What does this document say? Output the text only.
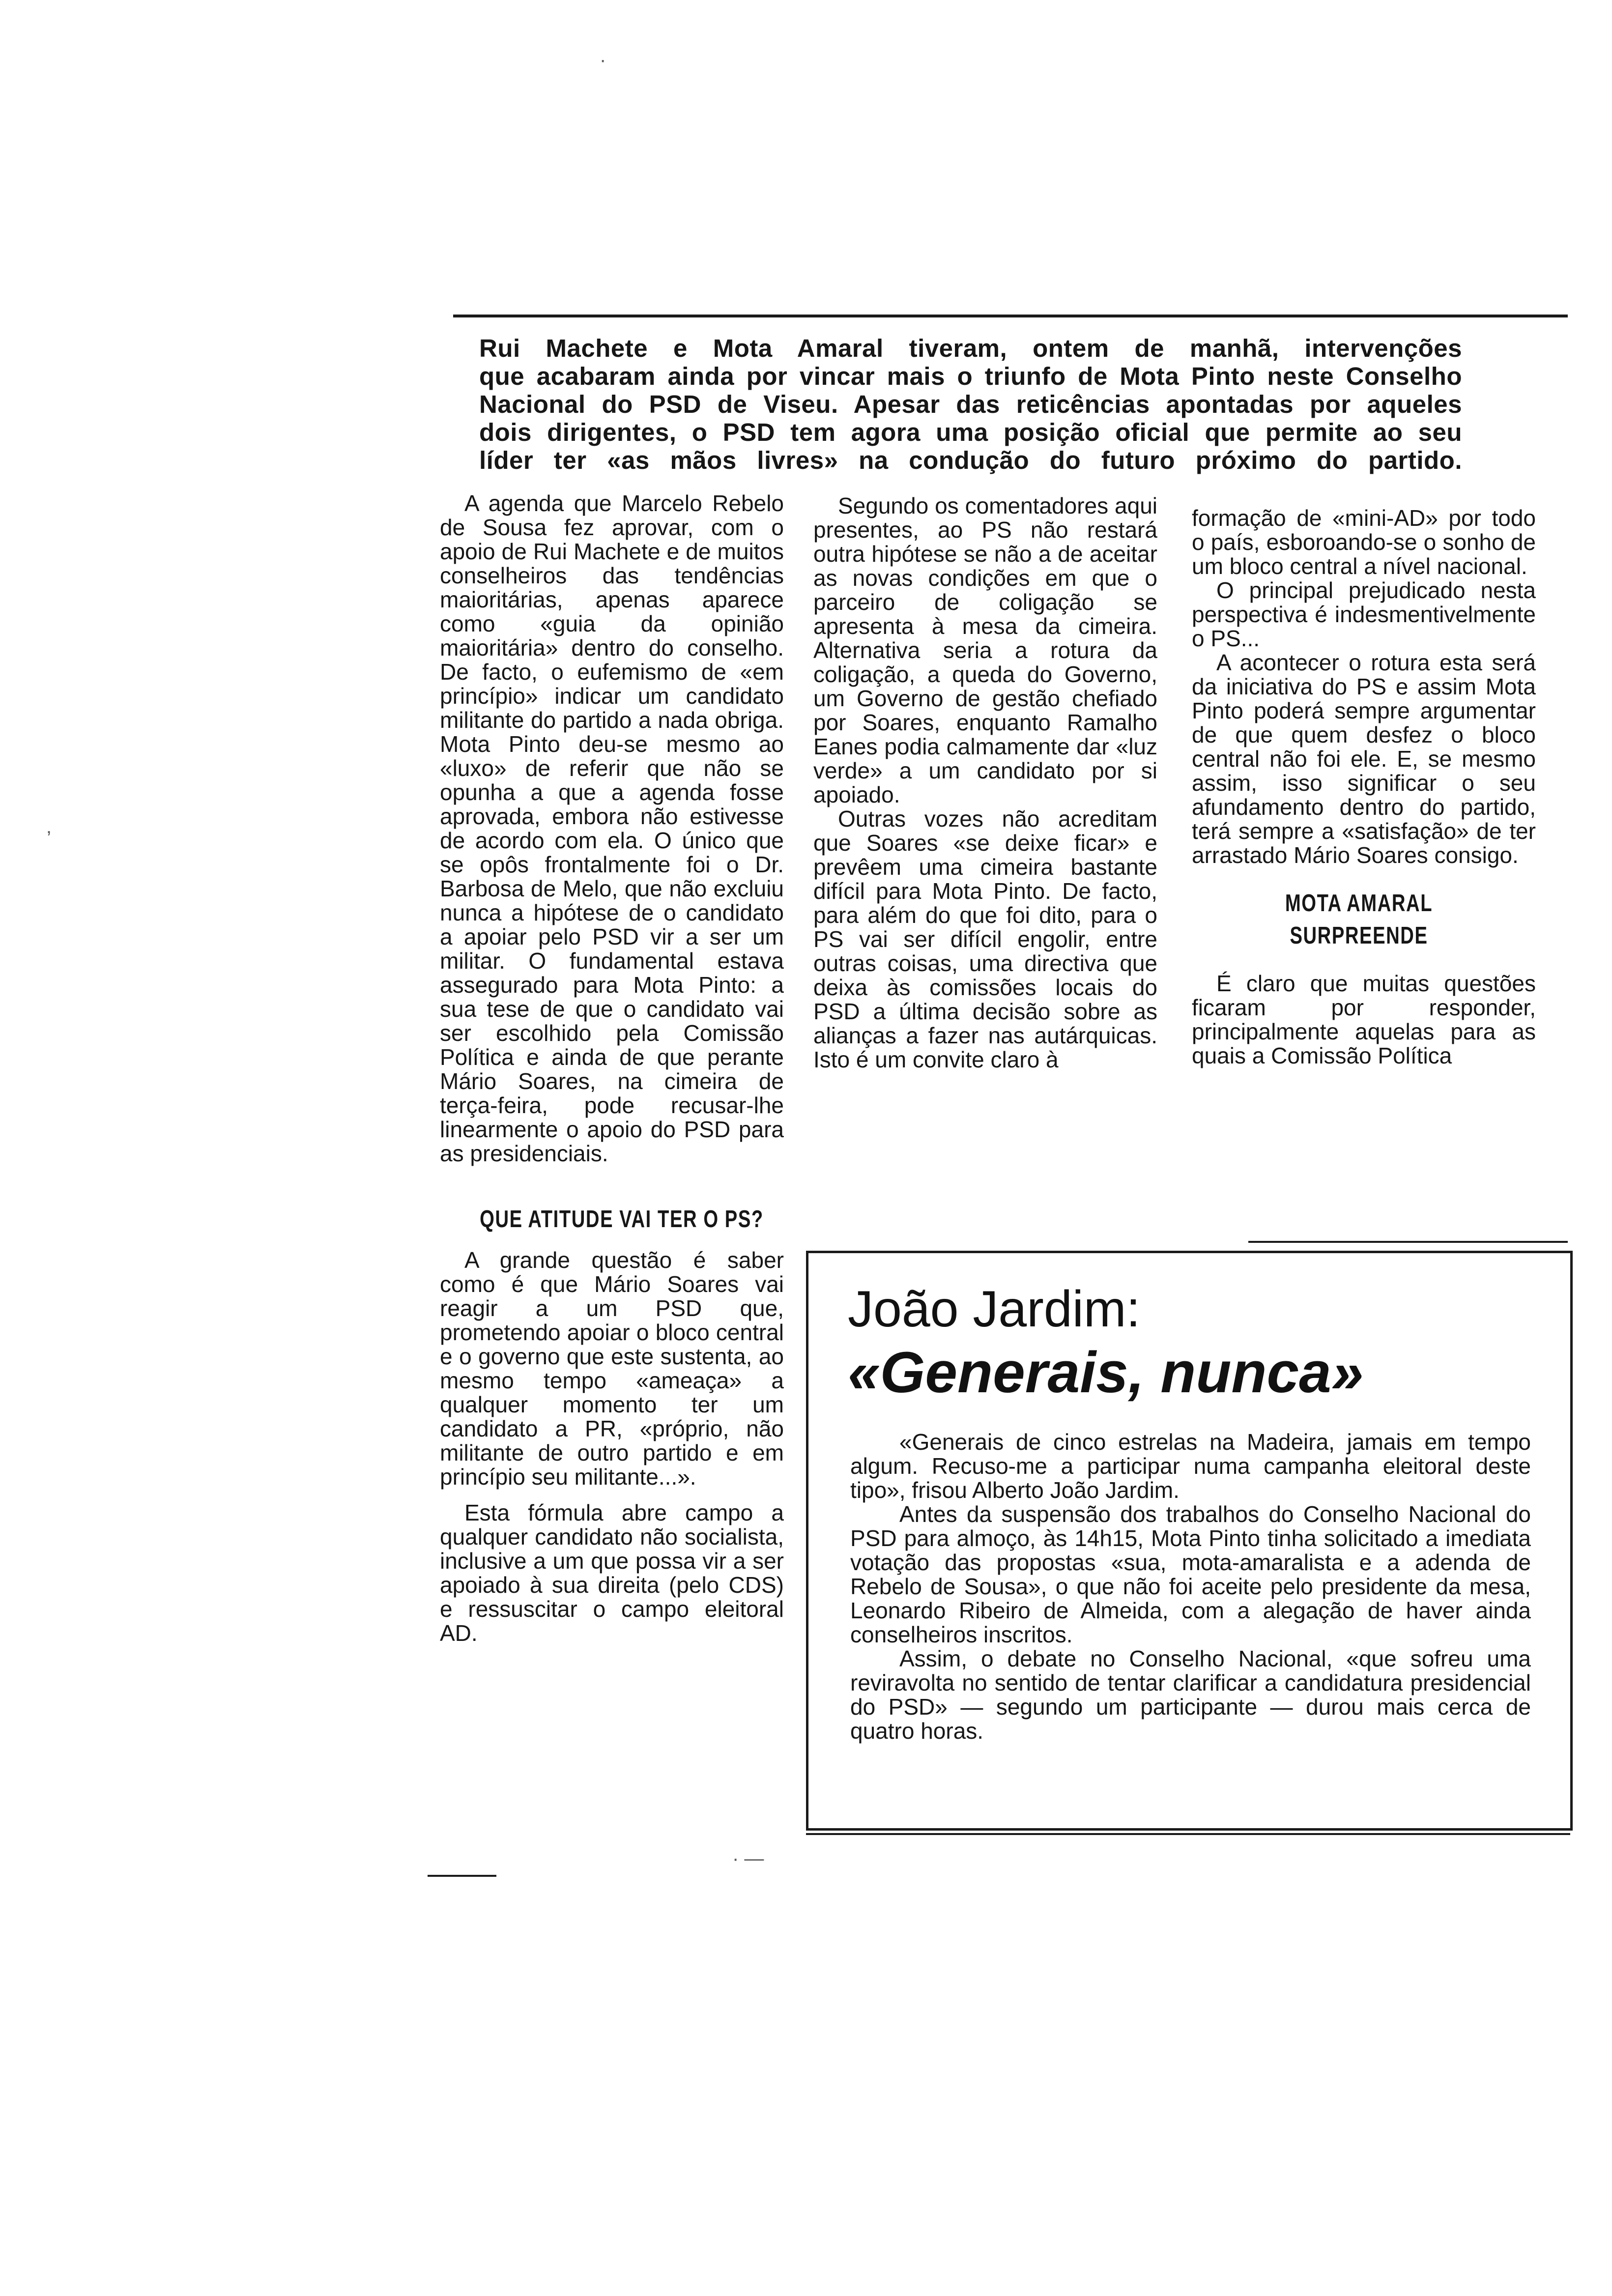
Rui Machete e Mota Amaral tiveram, ontem de manhã, intervenções

que acabaram ainda por vincar mais o triunfo de Mota Pinto neste Conselho

Nacional do PSD de Viseu. Apesar das reticências apontadas por aqueles

dois dirigentes, o PSD tem agora uma posição oficial que permite ao seu

líder ter «as mãos livres» na condução do futuro próximo do partido.

A agenda que Marcelo Rebelo de Sousa fez aprovar, com o apoio de Rui Machete e de muitos conselheiros das tendências maioritárias, apenas aparece como «guia da opinião maioritária» dentro do conselho. De facto, o eufemismo de «em princípio» indicar um candidato militante do partido a nada obriga. Mota Pinto deu-se mesmo ao «luxo» de referir que não se opunha a que a agenda fosse aprovada, embora não estivesse de acordo com ela. O único que se opôs frontalmente foi o Dr. Barbosa de Melo, que não excluiu nunca a hipótese de o candidato a apoiar pelo PSD vir a ser um militar. O fundamental estava assegurado para Mota Pinto: a sua tese de que o candidato vai ser escolhido pela Comissão Política e ainda de que perante Mário Soares, na cimeira de terça-feira, pode recusar-lhe linearmente o apoio do PSD para as presidenciais.

QUE ATITUDE VAI TER O PS?

A grande questão é saber como é que Mário Soares vai reagir a um PSD que, prometendo apoiar o bloco central e o governo que este sustenta, ao mesmo tempo «ameaça» a qualquer momento ter um candidato a PR, «próprio, não militante de outro partido e em princípio seu militante...».

Esta fórmula abre campo a qualquer candidato não socialista, inclusive a um que possa vir a ser apoiado à sua direita (pelo CDS) e ressuscitar o campo eleitoral AD.

Segundo os comentadores aqui presentes, ao PS não restará outra hipótese se não a de aceitar as novas condições em que o parceiro de coligação se apresenta à mesa da cimeira. Alternativa seria a rotura da coligação, a queda do Governo, um Governo de gestão chefiado por Soares, enquanto Ramalho Eanes podia calmamente dar «luz verde» a um candidato por si apoiado.

Outras vozes não acreditam que Soares «se deixe ficar» e prevêem uma cimeira bastante difícil para Mota Pinto. De facto, para além do que foi dito, para o PS vai ser difícil engolir, entre outras coisas, uma directiva que deixa às comissões locais do PSD a última decisão sobre as alianças a fazer nas autárquicas. Isto é um convite claro à

formação de «mini-AD» por todo o país, esboroando-se o sonho de um bloco central a nível nacional.

O principal prejudicado nesta perspectiva é indesmentivelmente o PS...

A acontecer o rotura esta será da iniciativa do PS e assim Mota Pinto poderá sempre argumentar de que quem desfez o bloco central não foi ele. E, se mesmo assim, isso significar o seu afundamento dentro do partido, terá sempre a «satisfação» de ter arrastado Mário Soares consigo.

MOTA AMARAL
SURPREENDE

É claro que muitas questões ficaram por responder, principalmente aquelas para as quais a Comissão Política

João Jardim:
«Generais, nunca»

«Generais de cinco estrelas na Madeira, jamais em tempo algum. Recuso-me a participar numa campanha eleitoral deste tipo», frisou Alberto João Jardim.

Antes da suspensão dos trabalhos do Conselho Nacional do PSD para almoço, às 14h15, Mota Pinto tinha solicitado a imediata votação das propostas «sua, mota-amaralista e a adenda de Rebelo de Sousa», o que não foi aceite pelo presidente da mesa, Leonardo Ribeiro de Almeida, com a alegação de haver ainda conselheiros inscritos.

Assim, o debate no Conselho Nacional, «que sofreu uma reviravolta no sentido de tentar clarificar a candidatura presidencial do PSD» — segundo um participante — durou mais cerca de quatro horas.

·
‚
· —
